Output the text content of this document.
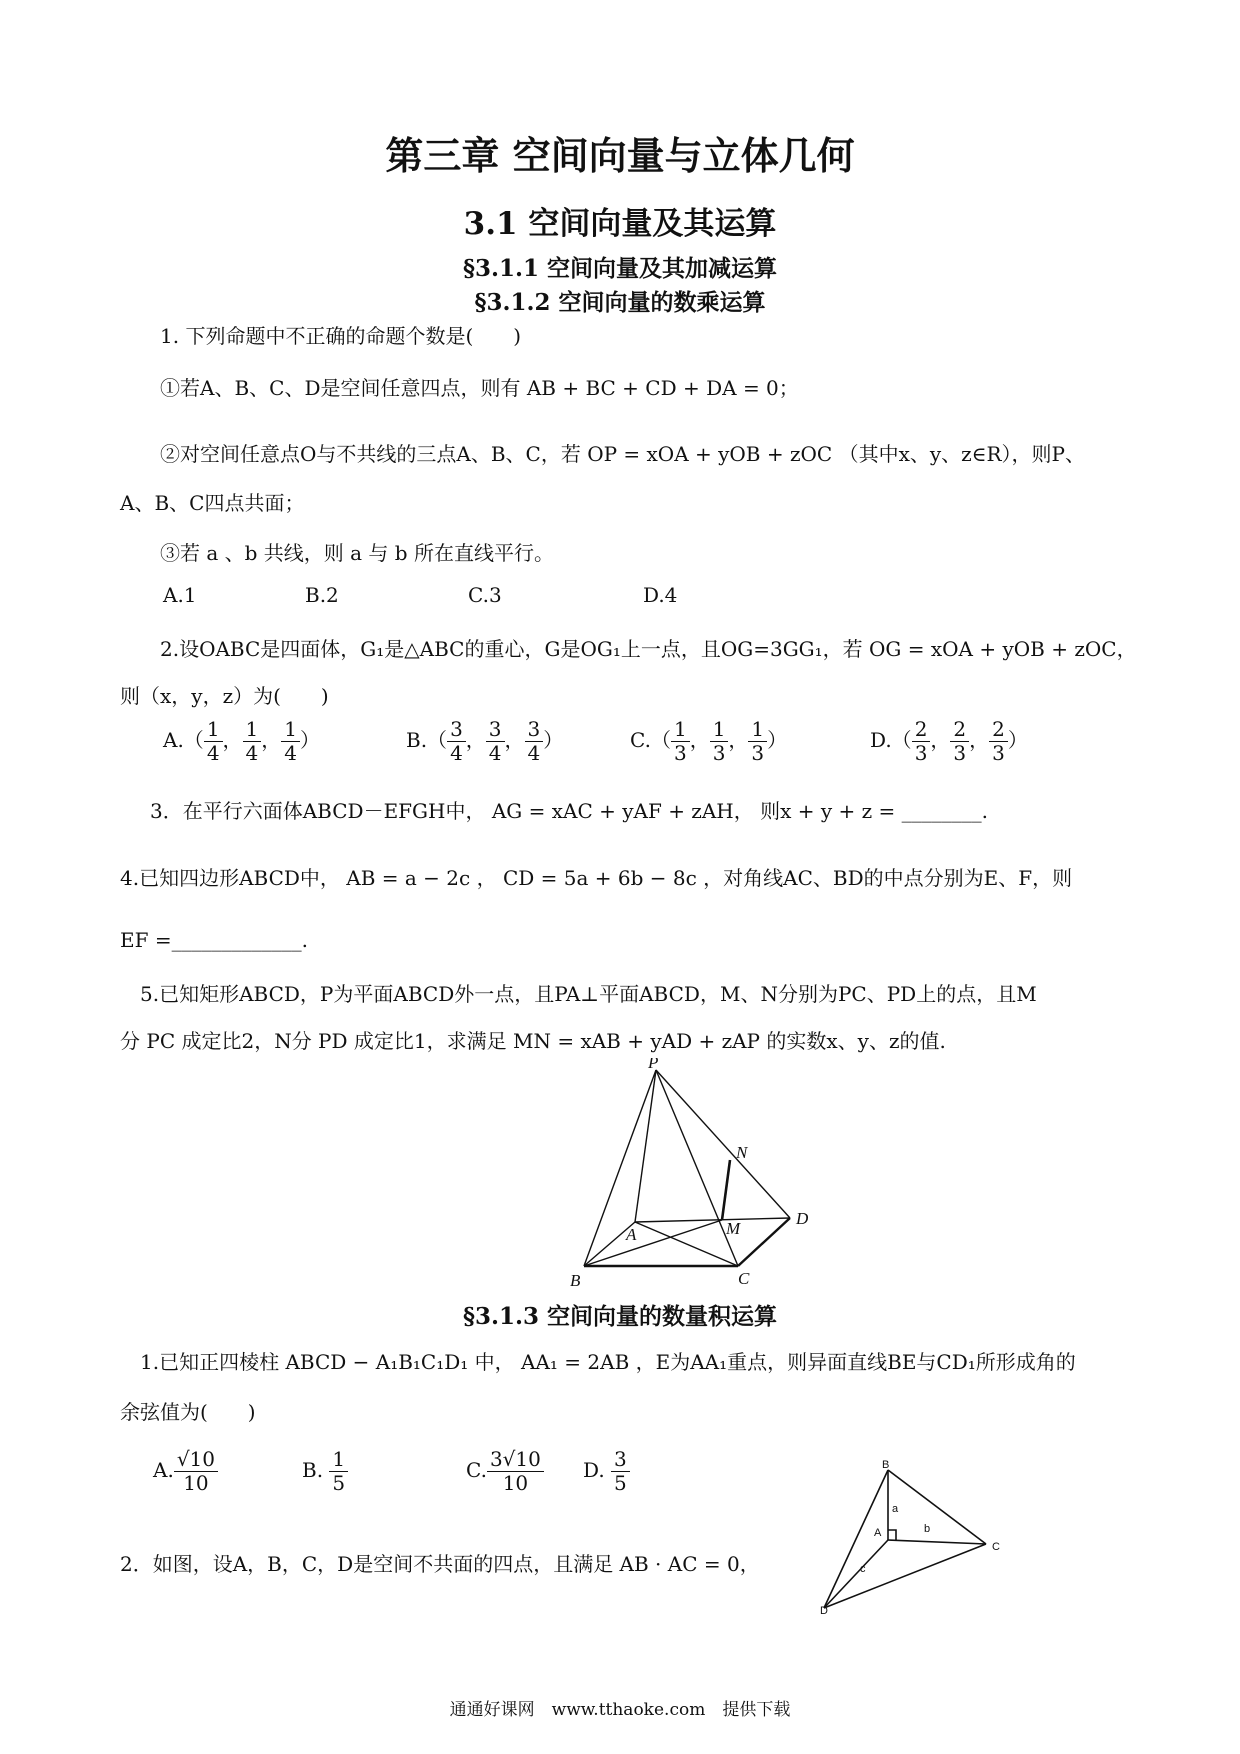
第三章 空间向量与立体几何
3.1 空间向量及其运算
§3.1.1 空间向量及其加减运算
§3.1.2 空间向量的数乘运算
1. 下列命题中不正确的命题个数是(　　)
①若A、B、C、D是空间任意四点，则有 AB + BC + CD + DA = 0；
②对空间任意点O与不共线的三点A、B、C，若 OP = xOA + yOB + zOC （其中x、y、z∈R），则P、
A、B、C四点共面；
③若 a 、b 共线，则 a 与 b 所在直线平行。
A.1	B.2	C.3	D.4
2.设OABC是四面体，G₁是△ABC的重心，G是OG₁上一点，且OG=3GG₁，若 OG = xOA + yOB + zOC，
则（x，y，z）为(　　)
$A.( \frac{1}{4}$ ， $\frac{1}{4}$ ， $\frac{1}{4}$ ）	$B.( \frac{3}{4}$ ， $\frac{3}{4}$ ， $\frac{3}{4}$ ）	$C.( \frac{1}{3}$ ， $\frac{1}{3}$ ， $\frac{1}{3}$ ）	$D.( \frac{2}{3}$ ， $\frac{2}{3}$ ， $\frac{2}{3}$ ）
3．在平行六面体ABCD－EFGH中， AG = xAC + yAF + zAH， 则x + y + z = ________.
4.已知四边形ABCD中， AB = a − 2c ， CD = 5a + 6b − 8c ，对角线AC、BD的中点分别为E、F，则
EF =_____________.
5.已知矩形ABCD，P为平面ABCD外一点，且PA⊥平面ABCD，M、N分别为PC、PD上的点，且M
分 PC 成定比2，N分 PD 成定比1，求满足 MN = xAB + yAD + zAP 的实数x、y、z的值.
P
N
M
A
D
B	C
§3.1.3 空间向量的数量积运算
1.已知正四棱柱 ABCD − A₁B₁C₁D₁ 中， AA₁ = 2AB ，E为AA₁重点，则异面直线BE与CD₁所形成角的
余弦值为(　　)
A. $\frac{√10}{10}$	B. $\frac{1}{5}$	C. $\frac{3√10}{10} D$. $\frac{3}{5}$
2．如图，设A，B，C，D是空间不共面的四点，且满足 AB · AC = 0，
B
a
A	b
C
c
D
通通好课网　www.tthaoke.com　提供下载
